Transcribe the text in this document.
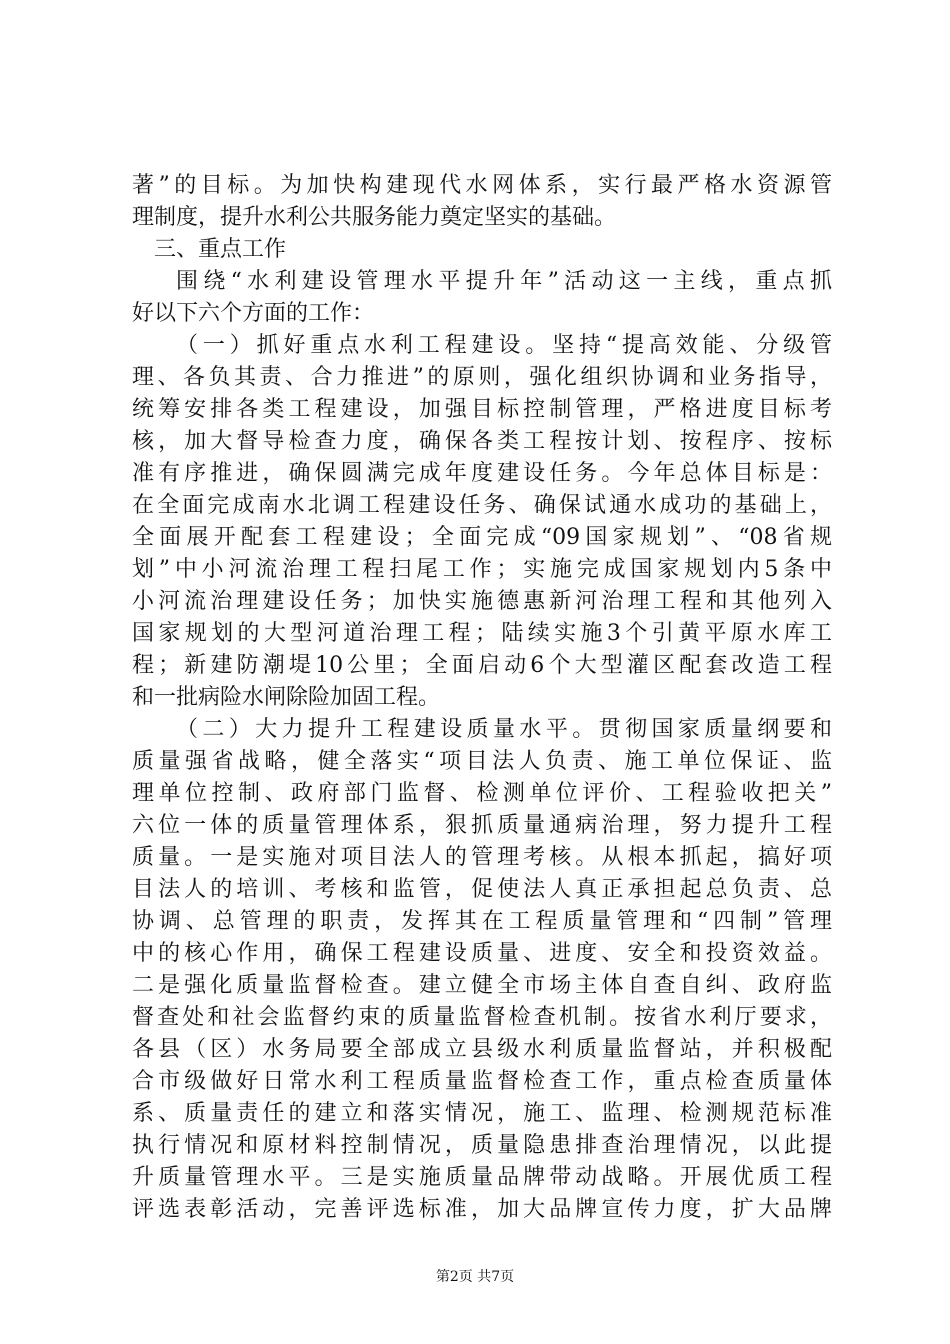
著”的目标。为加快构建现代水网体系，实行最严格水资源管
理制度，提升水利公共服务能力奠定坚实的基础。
三、重点工作
围绕“水利建设管理水平提升年”活动这一主线，重点抓
好以下六个方面的工作：
（一）抓好重点水利工程建设。坚持“提高效能、分级管
理、各负其责、合力推进”的原则，强化组织协调和业务指导，
统筹安排各类工程建设，加强目标控制管理，严格进度目标考
核，加大督导检查力度，确保各类工程按计划、按程序、按标
准有序推进，确保圆满完成年度建设任务。今年总体目标是：
在全面完成南水北调工程建设任务、确保试通水成功的基础上，
全面展开配套工程建设；全面完成“09国家规划”、“08省规
划”中小河流治理工程扫尾工作；实施完成国家规划内5条中
小河流治理建设任务；加快实施德惠新河治理工程和其他列入
国家规划的大型河道治理工程；陆续实施3个引黄平原水库工
程；新建防潮堤10公里；全面启动6个大型灌区配套改造工程
和一批病险水闸除险加固工程。
（二）大力提升工程建设质量水平。贯彻国家质量纲要和
质量强省战略，健全落实“项目法人负责、施工单位保证、监
理单位控制、政府部门监督、检测单位评价、工程验收把关”
六位一体的质量管理体系，狠抓质量通病治理，努力提升工程
质量。一是实施对项目法人的管理考核。从根本抓起，搞好项
目法人的培训、考核和监管，促使法人真正承担起总负责、总
协调、总管理的职责，发挥其在工程质量管理和“四制”管理
中的核心作用，确保工程建设质量、进度、安全和投资效益。
二是强化质量监督检查。建立健全市场主体自查自纠、政府监
督查处和社会监督约束的质量监督检查机制。按省水利厅要求，
各县（区）水务局要全部成立县级水利质量监督站，并积极配
合市级做好日常水利工程质量监督检查工作，重点检查质量体
系、质量责任的建立和落实情况，施工、监理、检测规范标准
执行情况和原材料控制情况，质量隐患排查治理情况，以此提
升质量管理水平。三是实施质量品牌带动战略。开展优质工程
评选表彰活动，完善评选标准，加大品牌宣传力度，扩大品牌
第2页 共7页
